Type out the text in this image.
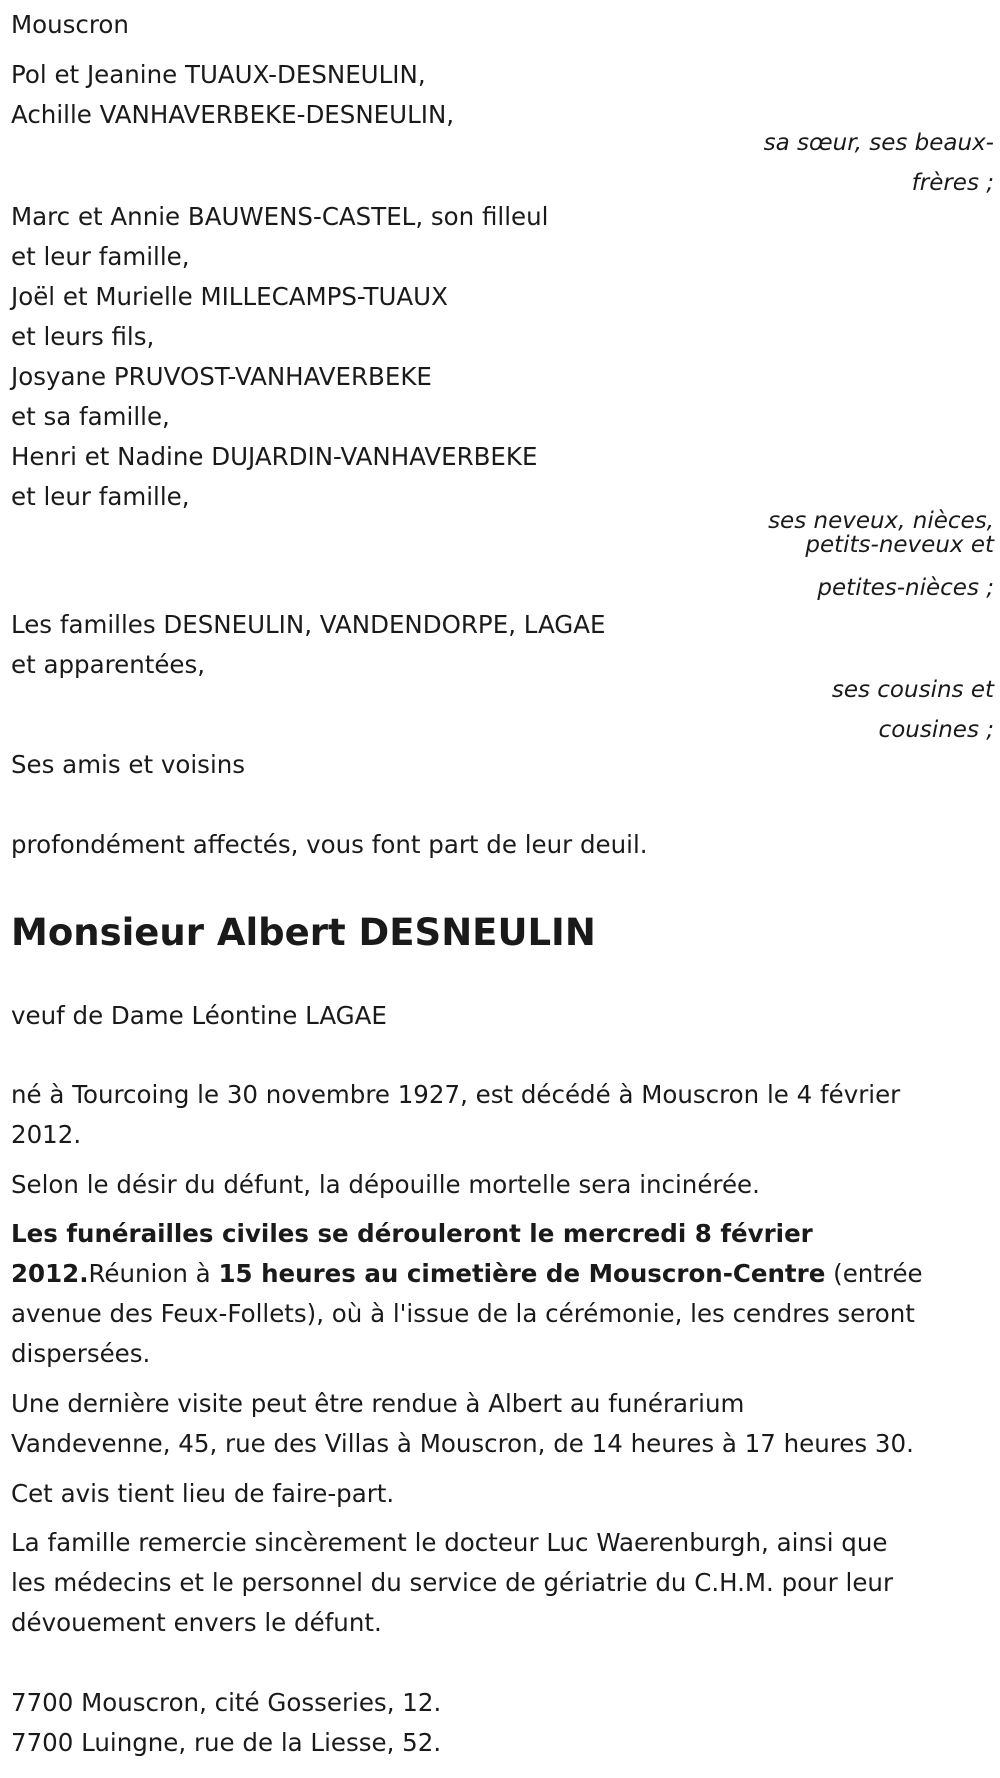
Mouscron
Pol et Jeanine TUAUX-DESNEULIN,
Achille VANHAVERBEKE-DESNEULIN,
sa sœur, ses beaux-
frères ;
Marc et Annie BAUWENS-CASTEL, son filleul
et leur famille,
Joël et Murielle MILLECAMPS-TUAUX
et leurs fils,
Josyane PRUVOST-VANHAVERBEKE
et sa famille,
Henri et Nadine DUJARDIN-VANHAVERBEKE
et leur famille,
ses neveux, nièces,
petits-neveux et
petites-nièces ;
Les familles DESNEULIN, VANDENDORPE, LAGAE
et apparentées,
ses cousins et
cousines ;
Ses amis et voisins
profondément affectés, vous font part de leur deuil.
Monsieur Albert DESNEULIN
veuf de Dame Léontine LAGAE
né à Tourcoing le 30 novembre 1927, est décédé à Mouscron le 4 février
2012.
Selon le désir du défunt, la dépouille mortelle sera incinérée.
Les funérailles civiles se dérouleront le mercredi 8 février
2012.Réunion à 15 heures au cimetière de Mouscron-Centre (entrée
avenue des Feux-Follets), où à l'issue de la cérémonie, les cendres seront
dispersées.
Une dernière visite peut être rendue à Albert au funérarium
Vandevenne, 45, rue des Villas à Mouscron, de 14 heures à 17 heures 30.
Cet avis tient lieu de faire-part.
La famille remercie sincèrement le docteur Luc Waerenburgh, ainsi que
les médecins et le personnel du service de gériatrie du C.H.M. pour leur
dévouement envers le défunt.
7700 Mouscron, cité Gosseries, 12.
7700 Luingne, rue de la Liesse, 52.
